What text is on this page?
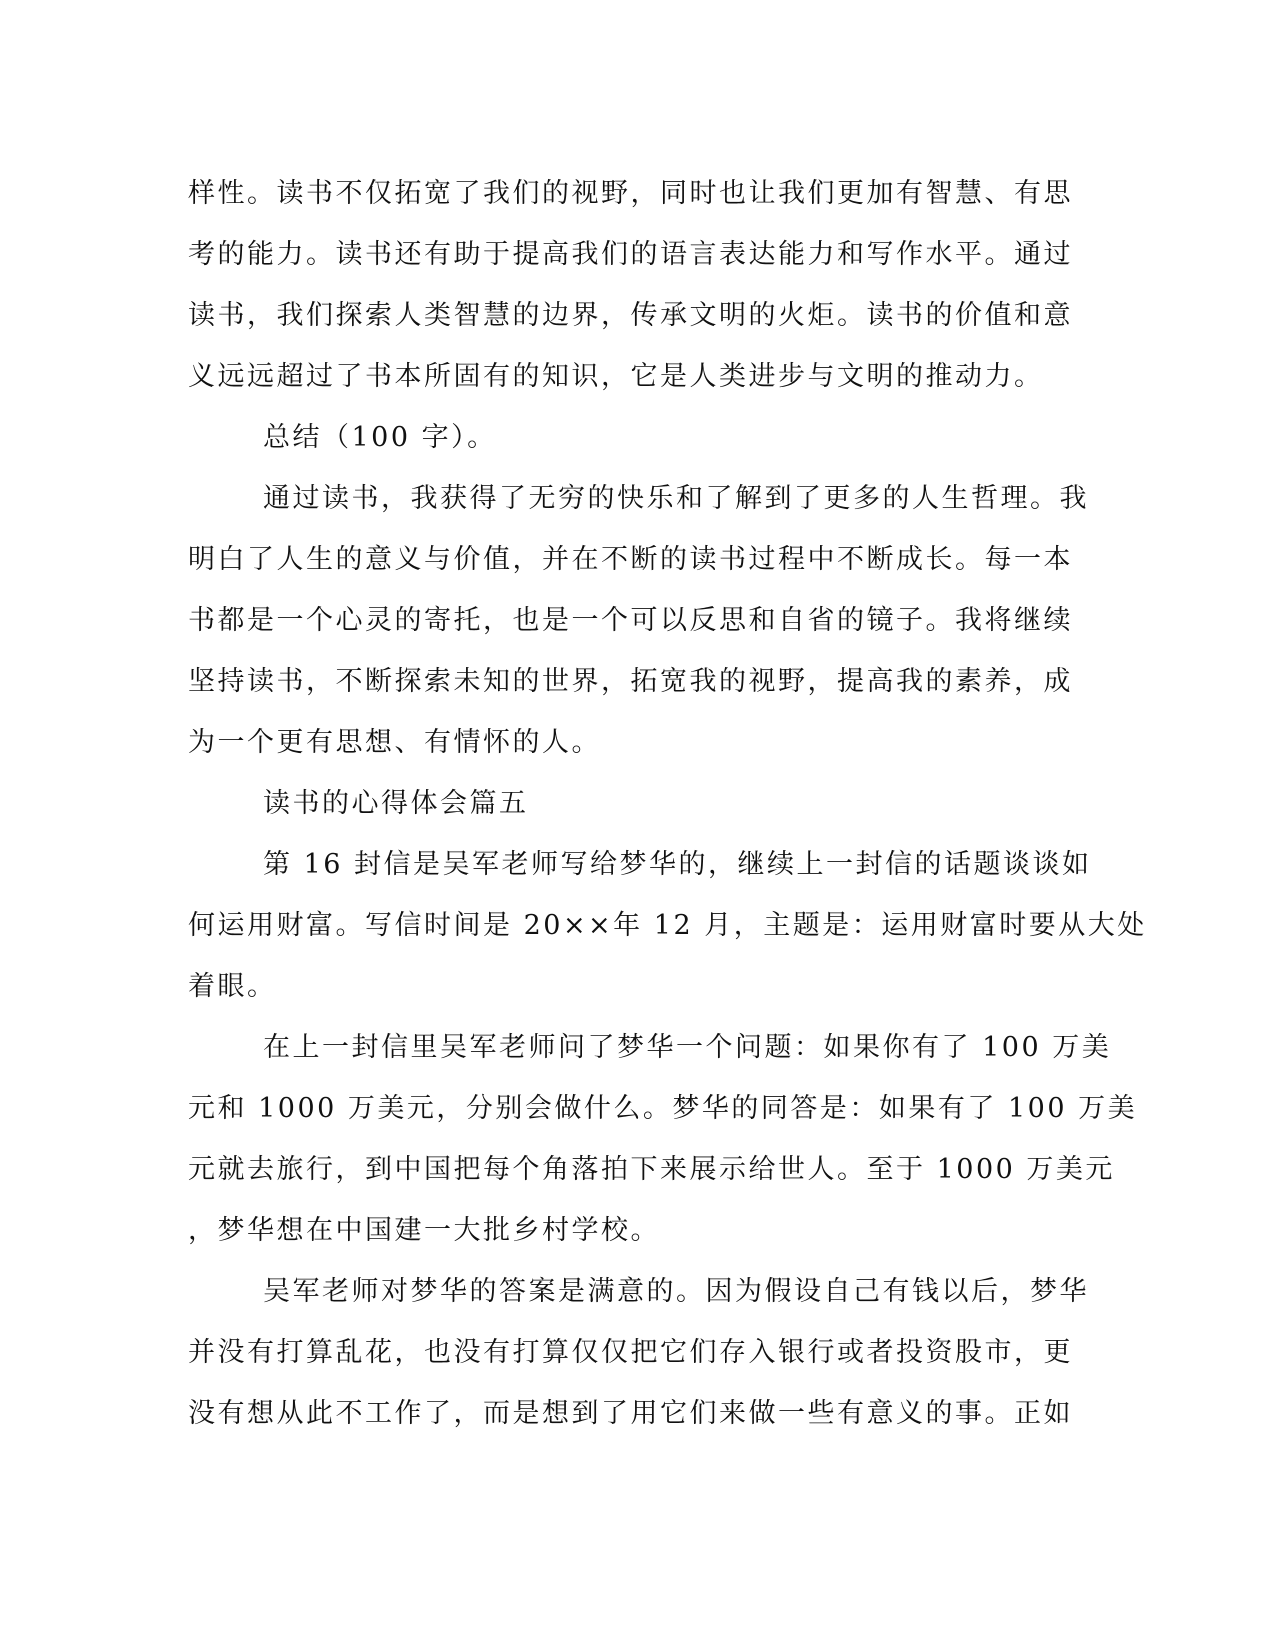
样性。读书不仅拓宽了我们的视野，同时也让我们更加有智慧、有思
考的能力。读书还有助于提高我们的语言表达能力和写作水平。通过
读书，我们探索人类智慧的边界，传承文明的火炬。读书的价值和意
义远远超过了书本所固有的知识，它是人类进步与文明的推动力。
总结（100 字）。
通过读书，我获得了无穷的快乐和了解到了更多的人生哲理。我
明白了人生的意义与价值，并在不断的读书过程中不断成长。每一本
书都是一个心灵的寄托，也是一个可以反思和自省的镜子。我将继续
坚持读书，不断探索未知的世界，拓宽我的视野，提高我的素养，成
为一个更有思想、有情怀的人。
读书的心得体会篇五
第 16 封信是吴军老师写给梦华的，继续上一封信的话题谈谈如
何运用财富。写信时间是 20××年 12 月，主题是：运用财富时要从大处
着眼。
在上一封信里吴军老师问了梦华一个问题：如果你有了 100 万美
元和 1000 万美元，分别会做什么。梦华的同答是：如果有了 100 万美
元就去旅行，到中国把每个角落拍下来展示给世人。至于 1000 万美元
，梦华想在中国建一大批乡村学校。
吴军老师对梦华的答案是满意的。因为假设自己有钱以后，梦华
并没有打算乱花，也没有打算仅仅把它们存入银行或者投资股市，更
没有想从此不工作了，而是想到了用它们来做一些有意义的事。正如
